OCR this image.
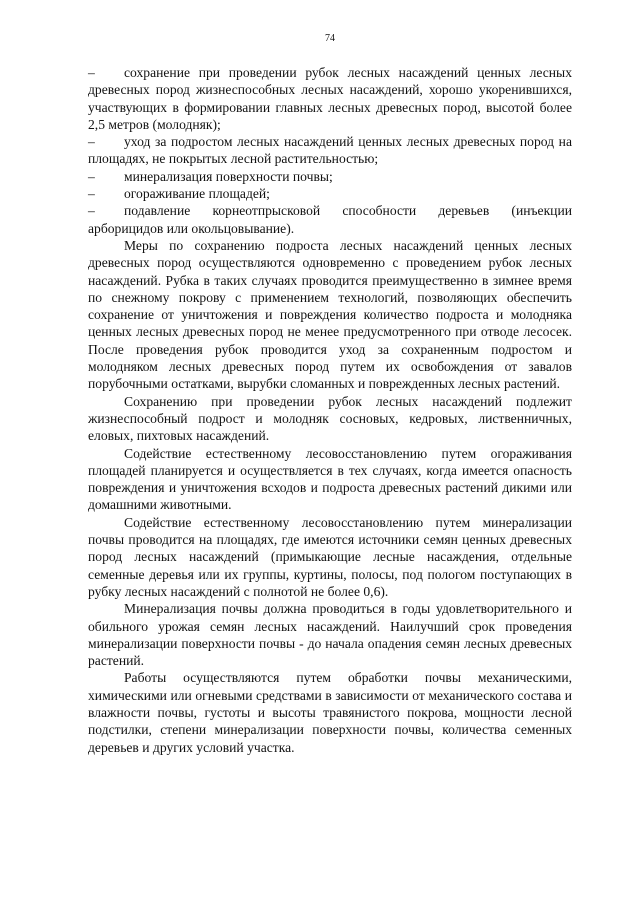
74

– сохранение при проведении рубок лесных насаждений ценных лесных древесных пород жизнеспособных лесных насаждений, хорошо укоренившихся, участвующих в формировании главных лесных древесных пород, высотой более 2,5 метров (молодняк);

– уход за подростом лесных насаждений ценных лесных древесных пород на площадях, не покрытых лесной растительностью;

– минерализация поверхности почвы;

– огораживание площадей;

– подавление корнеотпрысковой способности деревьев (инъекции арборицидов или окольцовывание).

Меры по сохранению подроста лесных насаждений ценных лесных древесных пород осуществляются одновременно с проведением рубок лесных насаждений. Рубка в таких случаях проводится преимущественно в зимнее время по снежному покрову с применением технологий, позволяющих обеспечить сохранение от уничтожения и повреждения количество подроста и молодняка ценных лесных древесных пород не менее предусмотренного при отводе лесосек. После проведения рубок проводится уход за сохраненным подростом и молодняком лесных древесных пород путем их освобождения от завалов порубочными остатками, вырубки сломанных и поврежденных лесных растений.

Сохранению при проведении рубок лесных насаждений подлежит жизнеспособный подрост и молодняк сосновых, кедровых, лиственничных, еловых, пихтовых насаждений.

Содействие естественному лесовосстановлению путем огораживания площадей планируется и осуществляется в тех случаях, когда имеется опасность повреждения и уничтожения всходов и подроста древесных растений дикими или домашними животными.

Содействие естественному лесовосстановлению путем минерализации почвы проводится на площадях, где имеются источники семян ценных древесных пород лесных насаждений (примыкающие лесные насаждения, отдельные семенные деревья или их группы, куртины, полосы, под пологом поступающих в рубку лесных насаждений с полнотой не более 0,6).

Минерализация почвы должна проводиться в годы удовлетворительного и обильного урожая семян лесных насаждений. Наилучший срок проведения минерализации поверхности почвы - до начала опадения семян лесных древесных растений.

Работы осуществляются путем обработки почвы механическими, химическими или огневыми средствами в зависимости от механического состава и влажности почвы, густоты и высоты травянистого покрова, мощности лесной подстилки, степени минерализации поверхности почвы, количества семенных деревьев и других условий участка.
